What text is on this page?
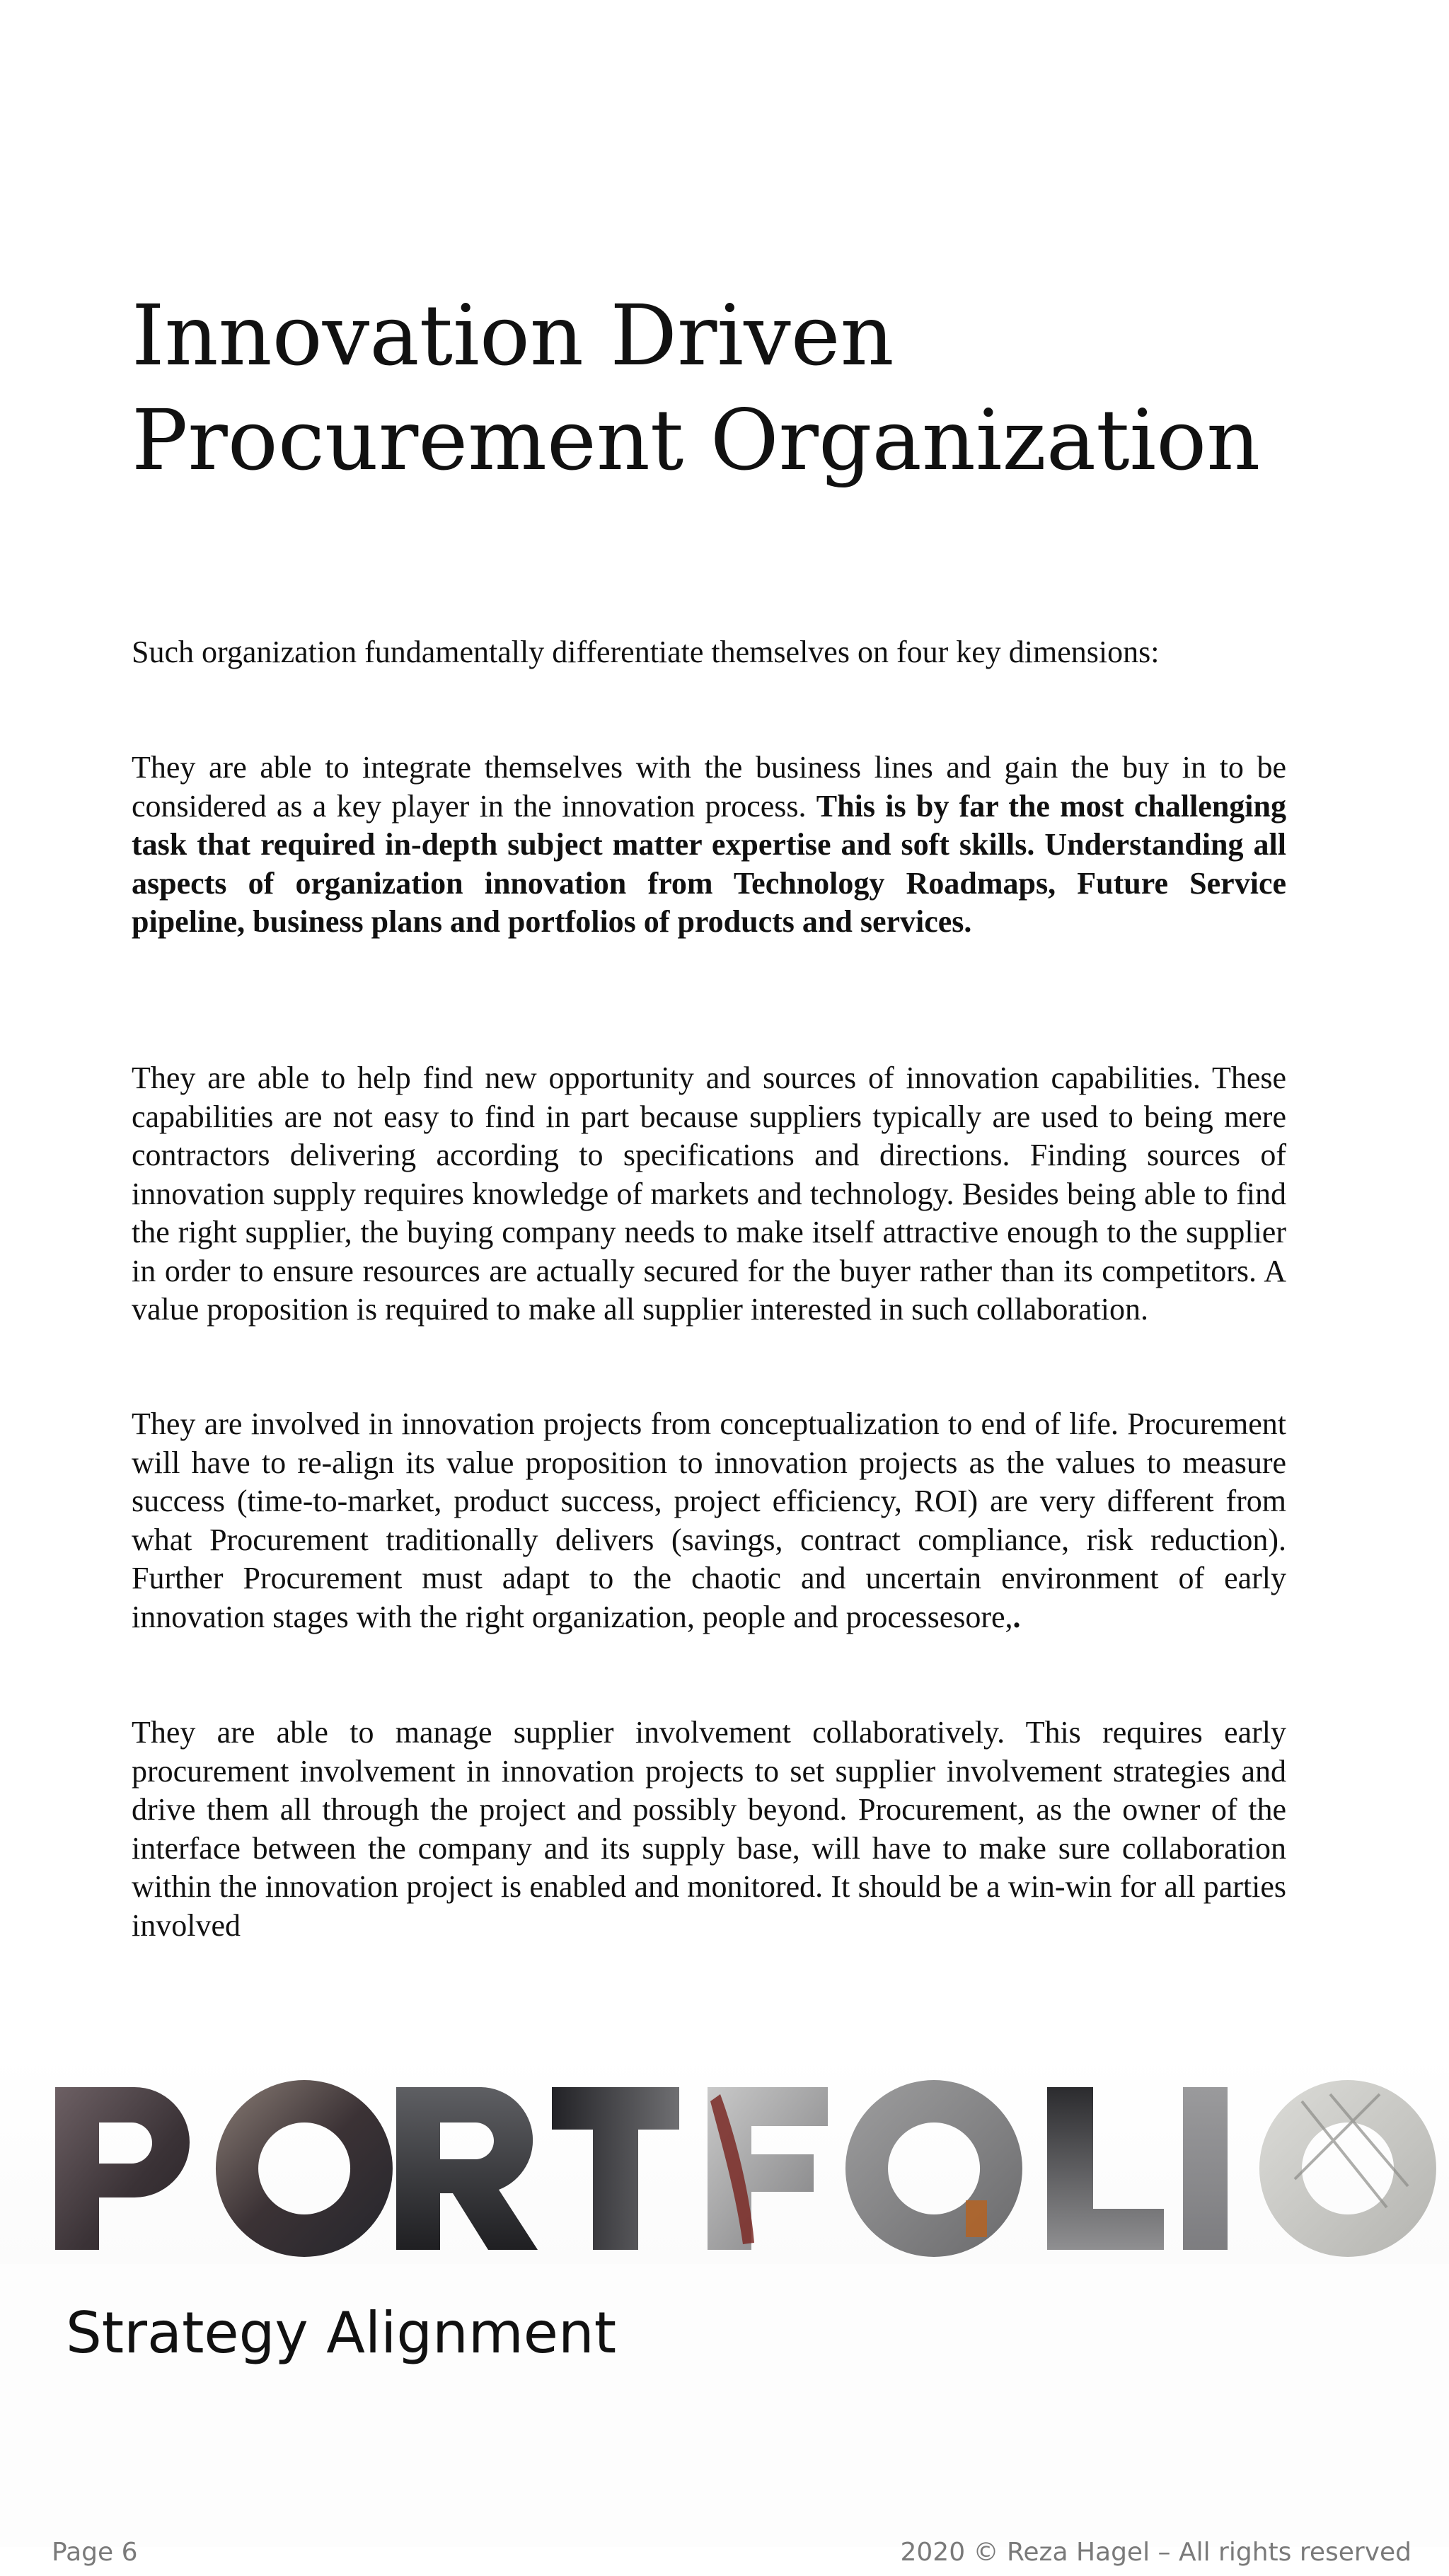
Innovation Driven
Procurement Organization

Such organization fundamentally differentiate themselves on four key dimensions:

They are able to integrate themselves with the business lines and gain the buy in to be considered as a key player in the innovation process. This is by far the most challenging task that required in-depth subject matter expertise and soft skills. Understanding all aspects of organization innovation from Technology Roadmaps, Future Service pipeline, business plans and portfolios of products and services.

They are able to help find new opportunity and sources of innovation capabilities. These capabilities are not easy to find in part because suppliers typically are used to being mere contractors delivering according to specifications and directions. Finding sources of innovation supply requires knowledge of markets and technology. Besides being able to find the right supplier, the buying company needs to make itself attractive enough to the supplier in order to ensure resources are actually secured for the buyer rather than its competitors. A value proposition is required to make all supplier interested in such collaboration.

They are involved in innovation projects from conceptualization to end of life. Procurement will have to re-align its value proposition to innovation projects as the values to measure success (time-to-market, product success, project efficiency, ROI) are very different from what Procurement traditionally delivers (savings, contract compliance, risk reduction). Further Procurement must adapt to the chaotic and uncertain environment of early innovation stages with the right organization, people and processesore,.

They are able to manage supplier involvement collaboratively. This requires early procurement involvement in innovation projects to set supplier involvement strategies and drive them all through the project and possibly beyond. Procurement, as the owner of the interface between the company and its supply base, will have to make sure collaboration within the innovation project is enabled and monitored. It should be a win-win for all parties involved

Strategy Alignment
Page 6	2020 © Reza Hagel – All rights reserved
